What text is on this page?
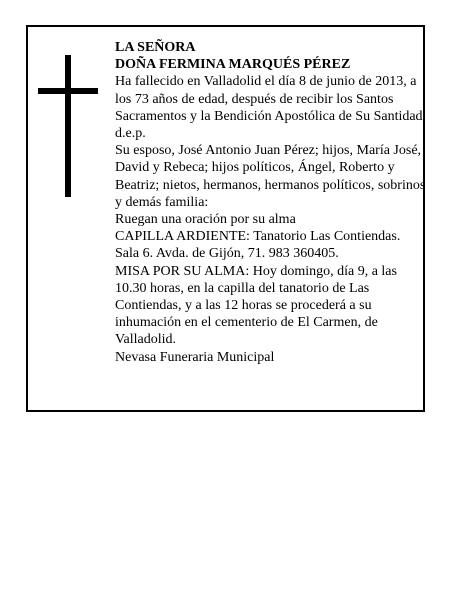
LA SEÑORA
DOÑA FERMINA MARQUÉS PÉREZ
Ha fallecido en Valladolid el día 8 de junio de 2013, a
los 73 años de edad, después de recibir los Santos
Sacramentos y la Bendición Apostólica de Su Santidad
d.e.p.
Su esposo, José Antonio Juan Pérez; hijos, María José,
David y Rebeca; hijos políticos, Ángel, Roberto y
Beatriz; nietos, hermanos, hermanos políticos, sobrinos
y demás familia:
Ruegan una oración por su alma
CAPILLA ARDIENTE: Tanatorio Las Contiendas.
Sala 6. Avda. de Gijón, 71. 983 360405.
MISA POR SU ALMA: Hoy domingo, día 9, a las
10.30 horas, en la capilla del tanatorio de Las
Contiendas, y a las 12 horas se procederá a su
inhumación en el cementerio de El Carmen, de
Valladolid.
Nevasa Funeraria Municipal
